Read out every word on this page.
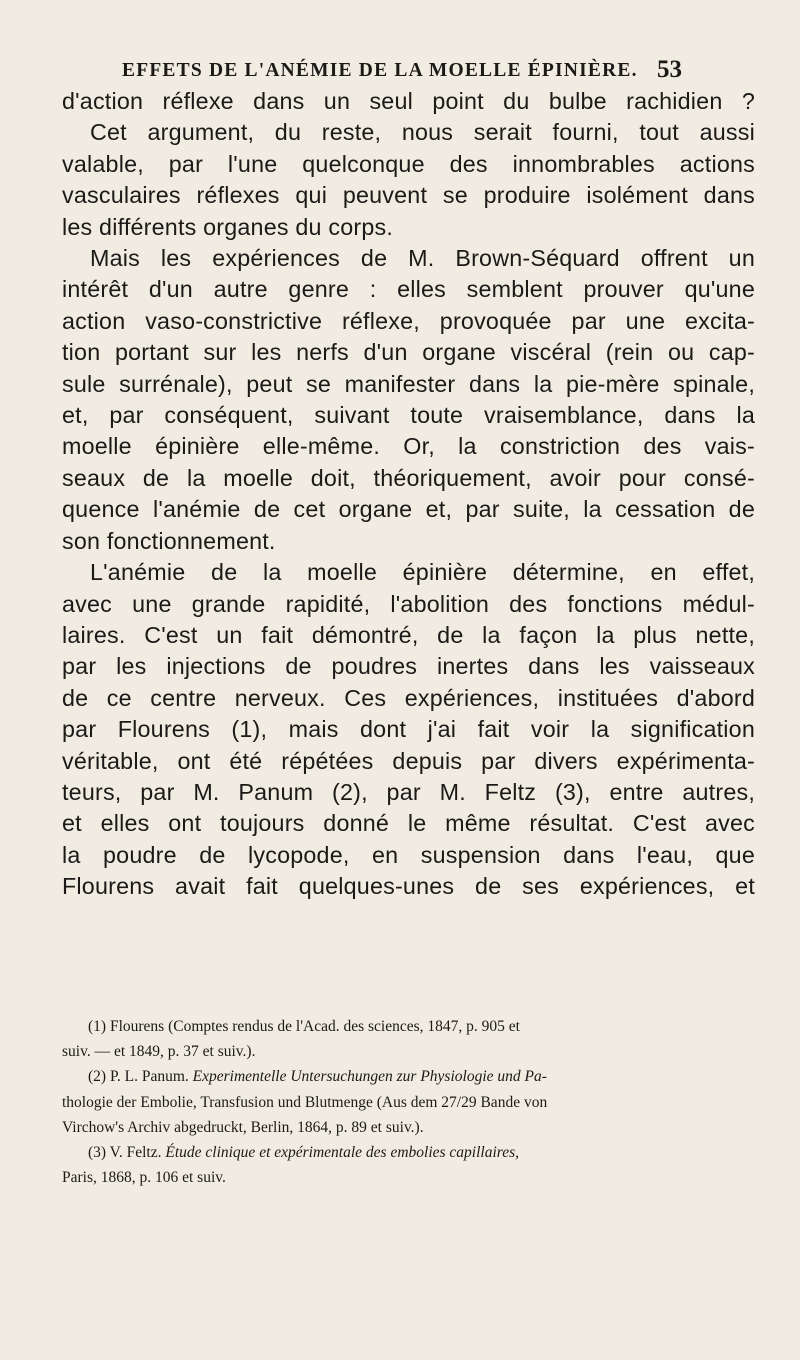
EFFETS DE L'ANÉMIE DE LA MOELLE ÉPINIÈRE. 53

d'action réflexe dans un seul point du bulbe rachidien ?

Cet argument, du reste, nous serait fourni, tout aussi

valable, par l'une quelconque des innombrables actions

vasculaires réflexes qui peuvent se produire isolément dans

les différents organes du corps.

Mais les expériences de M. Brown-Séquard offrent un

intérêt d'un autre genre : elles semblent prouver qu'une

action vaso-constrictive réflexe, provoquée par une excita-

tion portant sur les nerfs d'un organe viscéral (rein ou cap-

sule surrénale), peut se manifester dans la pie-mère spinale,

et, par conséquent, suivant toute vraisemblance, dans la

moelle épinière elle-même. Or, la constriction des vais-

seaux de la moelle doit, théoriquement, avoir pour consé-

quence l'anémie de cet organe et, par suite, la cessation de

son fonctionnement.

L'anémie de la moelle épinière détermine, en effet,

avec une grande rapidité, l'abolition des fonctions médul-

laires. C'est un fait démontré, de la façon la plus nette,

par les injections de poudres inertes dans les vaisseaux

de ce centre nerveux. Ces expériences, instituées d'abord

par Flourens (1), mais dont j'ai fait voir la signification

véritable, ont été répétées depuis par divers expérimenta-

teurs, par M. Panum (2), par M. Feltz (3), entre autres,

et elles ont toujours donné le même résultat. C'est avec

la poudre de lycopode, en suspension dans l'eau, que

Flourens avait fait quelques-unes de ses expériences, et

(1) Flourens (Comptes rendus de l'Acad. des sciences, 1847, p. 905 et

suiv. — et 1849, p. 37 et suiv.).

(2) P. L. Panum. Experimentelle Untersuchungen zur Physiologie und Pa-

thologie der Embolie, Transfusion und Blutmenge (Aus dem 27/29 Bande von

Virchow's Archiv abgedruckt, Berlin, 1864, p. 89 et suiv.).

(3) V. Feltz. Étude clinique et expérimentale des embolies capillaires,

Paris, 1868, p. 106 et suiv.
